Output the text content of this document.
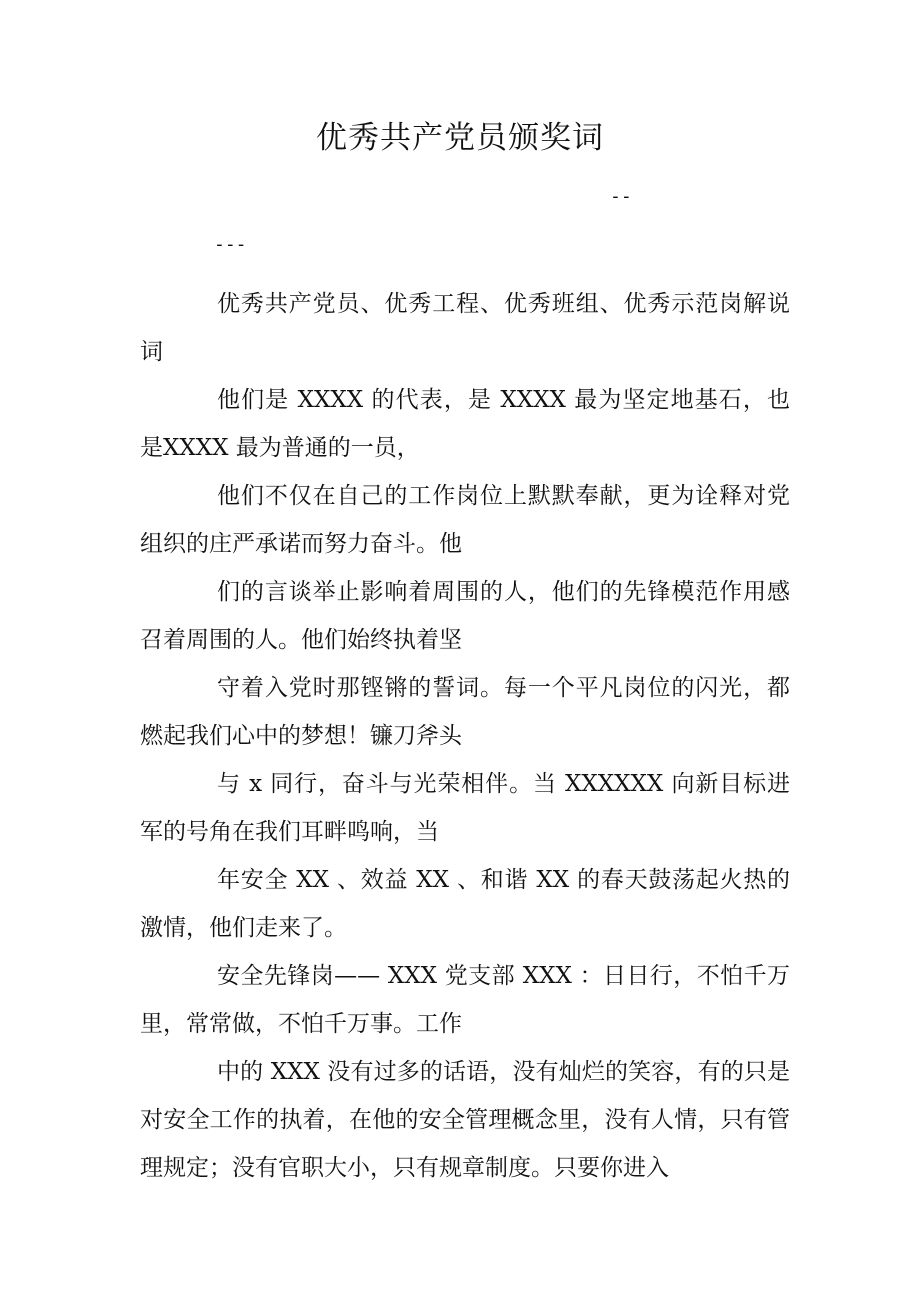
优秀共产党员颁奖词
--
---

优秀共产党员、优秀工程、优秀班组、优秀示范岗解说词

他们是 XXXX 的代表，是 XXXX 最为坚定地基石，也是XXXX 最为普通的一员，

他们不仅在自己的工作岗位上默默奉献，更为诠释对党组织的庄严承诺而努力奋斗。他

们的言谈举止影响着周围的人，他们的先锋模范作用感召着周围的人。他们始终执着坚

守着入党时那铿锵的誓词。每一个平凡岗位的闪光，都燃起我们心中的梦想！镰刀斧头

与 x 同行，奋斗与光荣相伴。当 XXXXXX 向新目标进军的号角在我们耳畔鸣响，当

年安全 XX 、效益 XX 、和谐 XX 的春天鼓荡起火热的激情，他们走来了。

安全先锋岗—— XXX 党支部 XXX ：日日行，不怕千万里，常常做，不怕千万事。工作

中的 XXX 没有过多的话语，没有灿烂的笑容，有的只是对安全工作的执着，在他的安全管理概念里，没有人情，只有管理规定；没有官职大小，只有规章制度。只要你进入
